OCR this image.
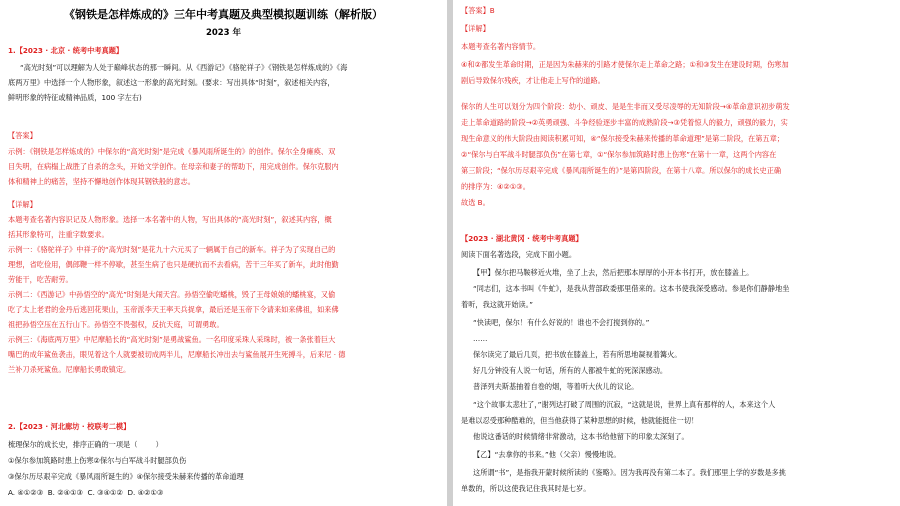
《钢铁是怎样炼成的》三年中考真题及典型模拟题训练（解析版）
2023 年
1.【2023 · 北京 · 统考中考真题】
“高光时刻”可以理解为人处于巅峰状态的那一瞬间。从《西游记》《骆驼祥子》《钢铁是怎样炼成的》《海
底两万里》中选择一个人物形象，叙述这一形象的高光时刻。(要求：写出具体“时刻”，叙述相关内容，
鲜明形象的特征或精神品质，100 字左右)
【答案】
示例：《钢铁是怎样炼成的》中保尔的“高光时刻”是完成《暴风雨所诞生的》的创作。保尔全身瘫痪、双
目失明，在病榻上战胜了自杀的念头，开始文学创作。在母亲和妻子的帮助下，用完成创作。保尔克服内
体和精神上的痛苦，坚持不懈地创作体现其钢铁般的意志。
【详解】
本题考查名著内容识记及人物形象。选择一本名著中的人物，写出具体的“高光时刻”，叙述其内容，概
括其形象特可，注重字数要求。
示例一：《骆驼祥子》中祥子的“高光时刻”是花九十六元买了一辆属于自己的新车。祥子为了实现自己的
理想，省吃俭用，偶郎鞭一样不停歇，甚至生病了也只是硬抗而不去看病，苦干三年买了新车，此时他勤
劳能干，吃苦耐劳。
示例二：《西游记》中孙悟空的“高光”时刻是大闹天宫。孙悟空偷吃蟠桃，毁了王母娘娘的蟠桃宴，又偷
吃了太上老君的金丹后逃回花果山，玉帝派李天王率天兵捉拿，最后还是玉帝下令请来如来佛祖，如来佛
祖把孙悟空压在五行山下。孙悟空不畏强权，反抗天庭，可谓勇敢。
示例三：《海底两万里》中尼摩船长的“高光时刻”是勇战鲨鱼。一名印度采珠人采珠时，被一条张着巨大
嘴巴的成年鲨鱼袭击，眼见着这个人就要被切成两半儿，尼摩船长冲出去与鲨鱼展开生死搏斗，后来尼 · 德
兰补刀杀死鲨鱼。尼摩船长勇敢镇定。
2.【2023 · 河北廊坊 · 校联考二模】
梳理保尔的成长史，排序正确的一项是（        ）
①保尔参加筑路时患上伤寒②保尔与白军战斗时腿部负伤
③保尔历尽艰辛完成《暴风雨所诞生的》④保尔接受朱赫来传播的革命道理
A. ④①②③  B. ②④①③  C. ③④①②  D. ④②①③
【答案】B
【详解】
本题考查名著内容情节。
④和②都发生革命时期，正是因为朱赫来的引路才使保尔走上革命之路；①和③发生在建设时期，伤寒加
剧后导致保尔残疾，才让他走上写作的道路。
保尔的人生可以划分为四个阶段：幼小、顽皮、是是生非而又受尽凌辱的无知阶段→④革命意识初步萌发
走上革命道路的阶段→②英勇顽强、斗争经验逐步丰富的成熟阶段→③凭着惊人的毅力，顽强的毅力，实
现生命意义的伟大阶段由阅读积累可知，④“保尔接受朱赫来传播的革命道理”是第二阶段，在第五章；
②“保尔与白军战斗时腿部负伤”在第七章，①“保尔参加筑路时患上伤寒”在第十一章，这两个内容在
第三阶段；“保尔历尽艰辛完成《暴风雨所诞生的》”是第四阶段，在第十八章。所以保尔的成长史正确
的排序为：④②①③。
故选 B。
【2023 · 湖北黄冈 · 统考中考真题】
阅读下面名著选段，完成下面小题。
【甲】保尔把马鞍移近火堆，坐了上去，然后把那本厚厚的小开本书打开，放在膝盖上。
“同志们，这本书叫《牛虻》，是我从营部政委那里借来的。这本书使我深受感动。参是你们静静地坐
着听，我这就开始读。”
“快读吧，保尔！有什么好说的！谁也不会打搅到你的。”
……
保尔读完了最后几页，把书放在膝盖上，若有所思地凝视着篝火。
好几分钟没有人说一句话，所有的人都被牛虻的死深深感动。
普泽列夫斯基抽着自卷的烟，等着听大伙儿的议论。
“这个故事太悲壮了，”谢列达打破了周围的沉寂，“这就是说，世界上真有那样的人，本来这个人
是难以忍受那种酷难的，但当他获得了某种思想的时候，他就能挺住一切！
他说这番话的时候情绪非常激动，这本书给他留下的印象太深刻了。
【乙】“去拿你的书来。”他（父亲）慢慢地说。
这所谓“书”，是指我开蒙时候所读的《鉴略》。因为我再没有第二本了。我们那里上学的岁数是多挑
单数的，所以这使我记住我其时是七岁。
